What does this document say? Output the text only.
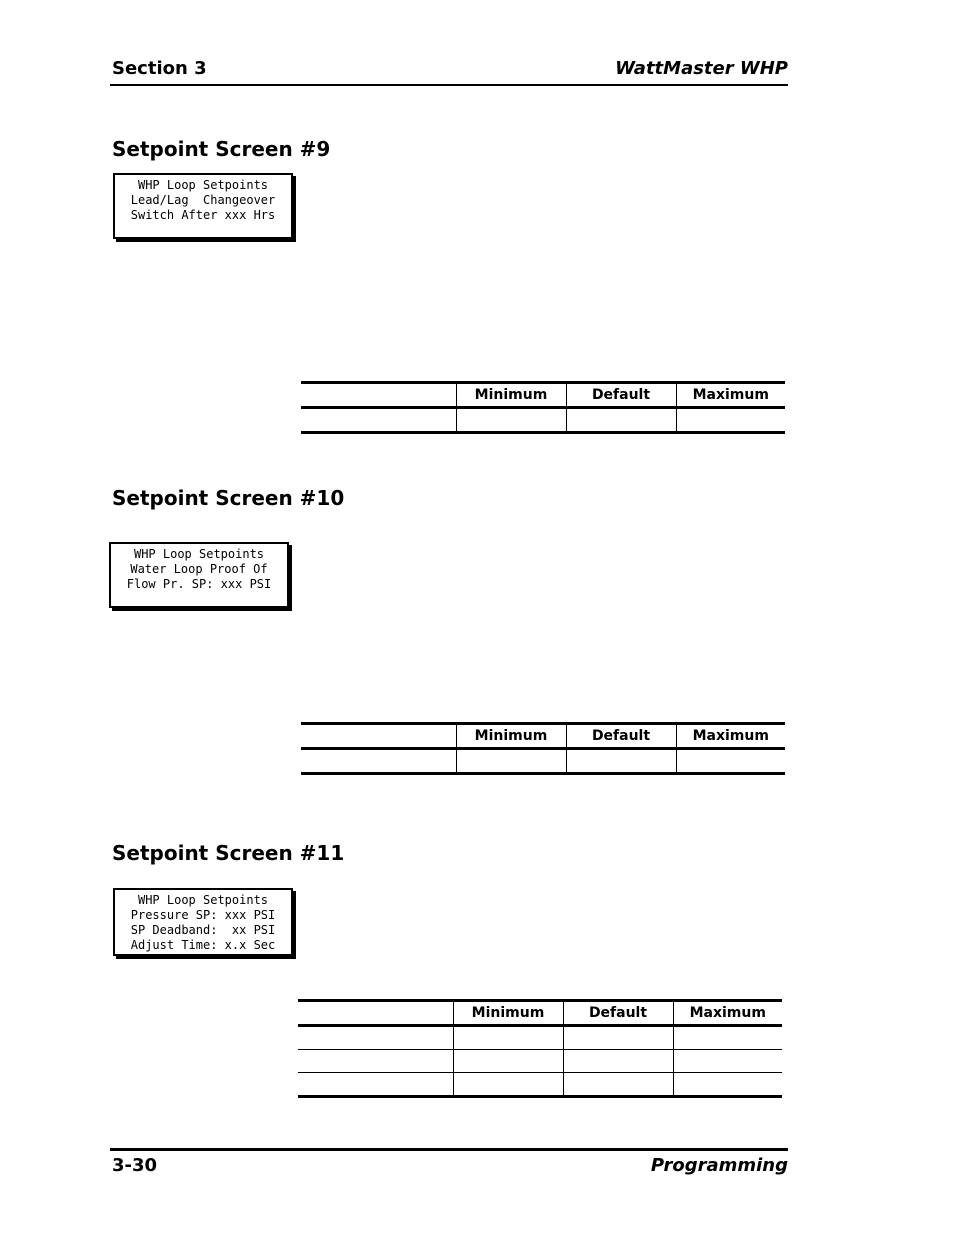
Section 3	WattMaster WHP
Setpoint Screen #9
WHP Loop Setpoints
Lead/Lag  Changeover
Switch After xxx Hrs
	Minimum	Default	Maximum

Setpoint Screen #10
WHP Loop Setpoints
Water Loop Proof Of
Flow Pr. SP: xxx PSI
	Minimum	Default	Maximum

Setpoint Screen #11
WHP Loop Setpoints
Pressure SP: xxx PSI
SP Deadband:  xx PSI
Adjust Time: x.x Sec
	Minimum	Default	Maximum

3-30	Programming
